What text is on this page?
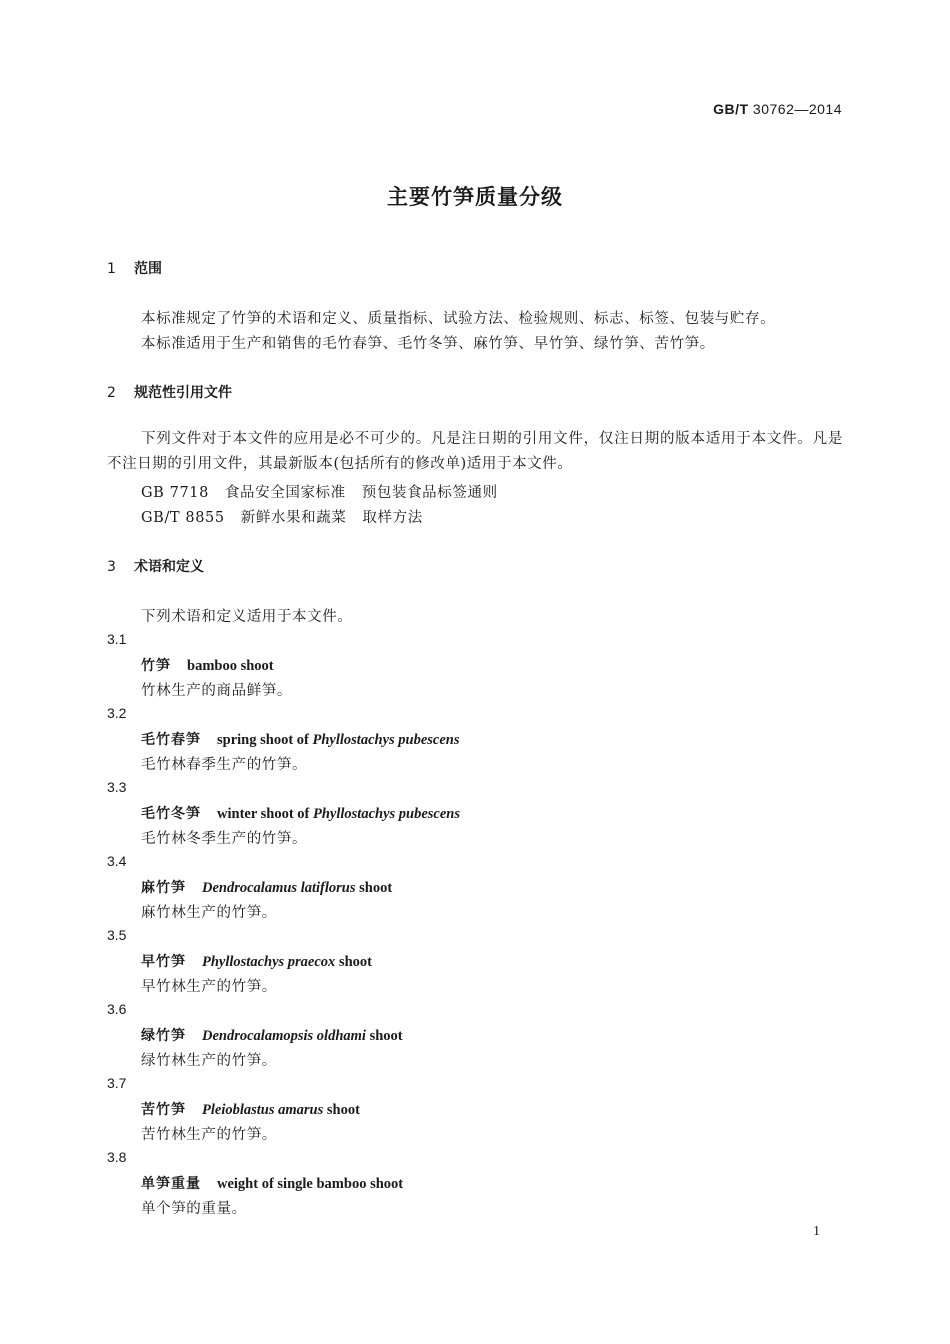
GB/T 30762—2014
主要竹笋质量分级
1 范围
本标准规定了竹笋的术语和定义、质量指标、试验方法、检验规则、标志、标签、包装与贮存。
本标准适用于生产和销售的毛竹春笋、毛竹冬笋、麻竹笋、早竹笋、绿竹笋、苦竹笋。
2 规范性引用文件
下列文件对于本文件的应用是必不可少的。凡是注日期的引用文件，仅注日期的版本适用于本文件。凡是不注日期的引用文件，其最新版本(包括所有的修改单)适用于本文件。
GB 7718 食品安全国家标准 预包装食品标签通则
GB/T 8855 新鲜水果和蔬菜 取样方法
3 术语和定义
下列术语和定义适用于本文件。
3.1
竹笋 bamboo shoot
竹林生产的商品鲜笋。
3.2
毛竹春笋 spring shoot of Phyllostachys pubescens
毛竹林春季生产的竹笋。
3.3
毛竹冬笋 winter shoot of Phyllostachys pubescens
毛竹林冬季生产的竹笋。
3.4
麻竹笋 Dendrocalamus latiflorus shoot
麻竹林生产的竹笋。
3.5
早竹笋 Phyllostachys praecox shoot
早竹林生产的竹笋。
3.6
绿竹笋 Dendrocalamopsis oldhami shoot
绿竹林生产的竹笋。
3.7
苦竹笋 Pleioblastus amarus shoot
苦竹林生产的竹笋。
3.8
单笋重量 weight of single bamboo shoot
单个笋的重量。
1
